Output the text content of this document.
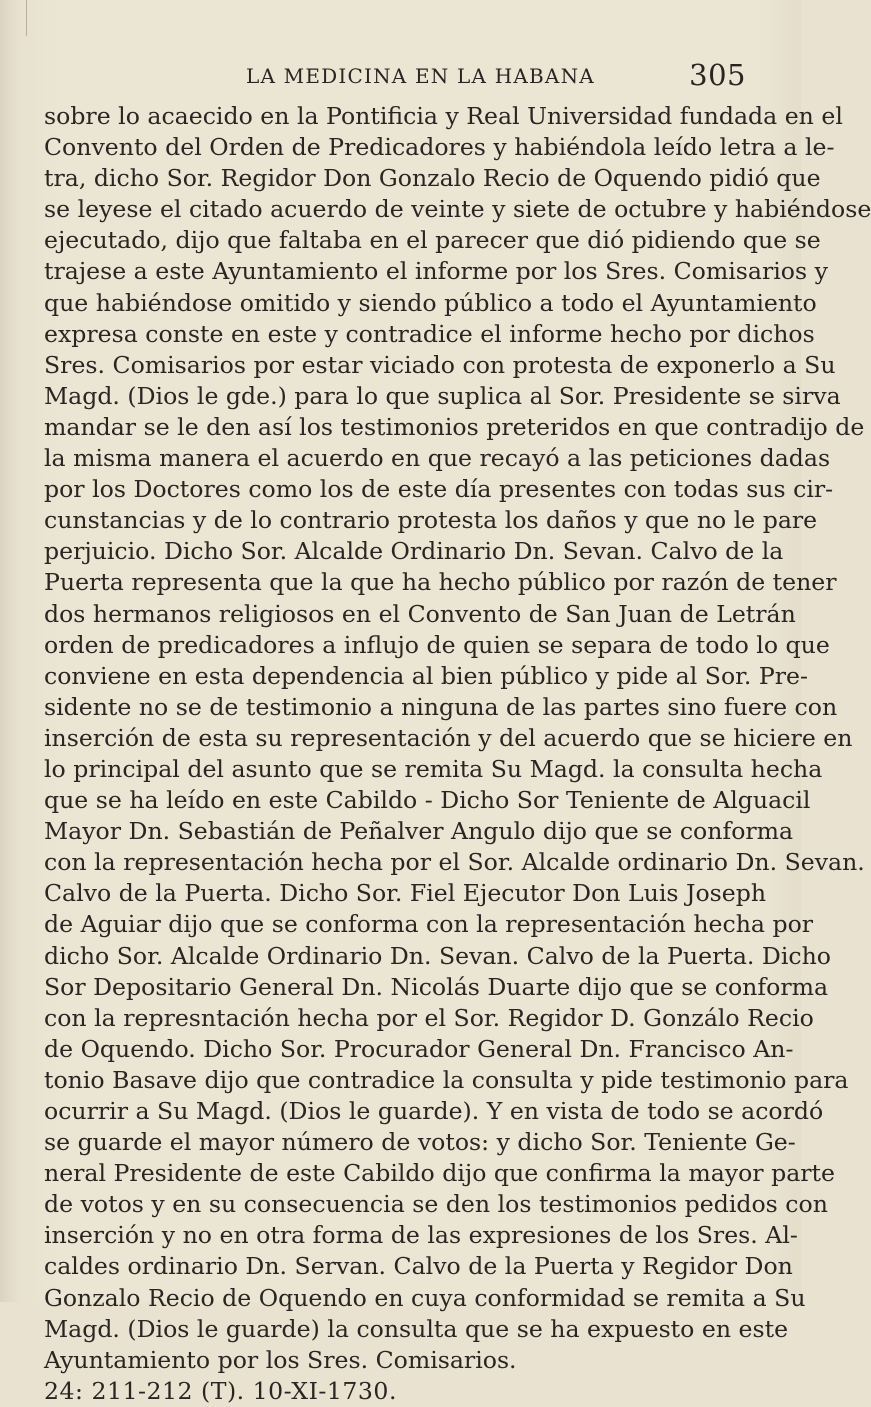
LA MEDICINA EN LA HABANA	305
sobre lo acaecido en la Pontificia y Real Universidad fundada en el
Convento del Orden de Predicadores y habiéndola leído letra a le-
tra, dicho Sor. Regidor Don Gonzalo Recio de Oquendo pidió que
se leyese el citado acuerdo de veinte y siete de octubre y habiéndose
ejecutado, dijo que faltaba en el parecer que dió pidiendo que se
trajese a este Ayuntamiento el informe por los Sres. Comisarios y
que habiéndose omitido y siendo público a todo el Ayuntamiento
expresa conste en este y contradice el informe hecho por dichos
Sres. Comisarios por estar viciado con protesta de exponerlo a Su
Magd. (Dios le gde.) para lo que suplica al Sor. Presidente se sirva
mandar se le den así los testimonios preteridos en que contradijo de
la misma manera el acuerdo en que recayó a las peticiones dadas
por los Doctores como los de este día presentes con todas sus cir-
cunstancias y de lo contrario protesta los daños y que no le pare
perjuicio. Dicho Sor. Alcalde Ordinario Dn. Sevan. Calvo de la
Puerta representa que la que ha hecho público por razón de tener
dos hermanos religiosos en el Convento de San Juan de Letrán
orden de predicadores a influjo de quien se separa de todo lo que
conviene en esta dependencia al bien público y pide al Sor. Pre-
sidente no se de testimonio a ninguna de las partes sino fuere con
inserción de esta su representación y del acuerdo que se hiciere en
lo principal del asunto que se remita Su Magd. la consulta hecha
que se ha leído en este Cabildo - Dicho Sor Teniente de Alguacil
Mayor Dn. Sebastián de Peñalver Angulo dijo que se conforma
con la representación hecha por el Sor. Alcalde ordinario Dn. Sevan.
Calvo de la Puerta. Dicho Sor. Fiel Ejecutor Don Luis Joseph
de Aguiar dijo que se conforma con la representación hecha por
dicho Sor. Alcalde Ordinario Dn. Sevan. Calvo de la Puerta. Dicho
Sor Depositario General Dn. Nicolás Duarte dijo que se conforma
con la represntación hecha por el Sor. Regidor D. Gonzálo Recio
de Oquendo. Dicho Sor. Procurador General Dn. Francisco An-
tonio Basave dijo que contradice la consulta y pide testimonio para
ocurrir a Su Magd. (Dios le guarde). Y en vista de todo se acordó
se guarde el mayor número de votos: y dicho Sor. Teniente Ge-
neral Presidente de este Cabildo dijo que confirma la mayor parte
de votos y en su consecuencia se den los testimonios pedidos con
inserción y no en otra forma de las expresiones de los Sres. Al-
caldes ordinario Dn. Servan. Calvo de la Puerta y Regidor Don
Gonzalo Recio de Oquendo en cuya conformidad se remita a Su
Magd. (Dios le guarde) la consulta que se ha expuesto en este
Ayuntamiento por los Sres. Comisarios.
24: 211-212 (T). 10-XI-1730.
